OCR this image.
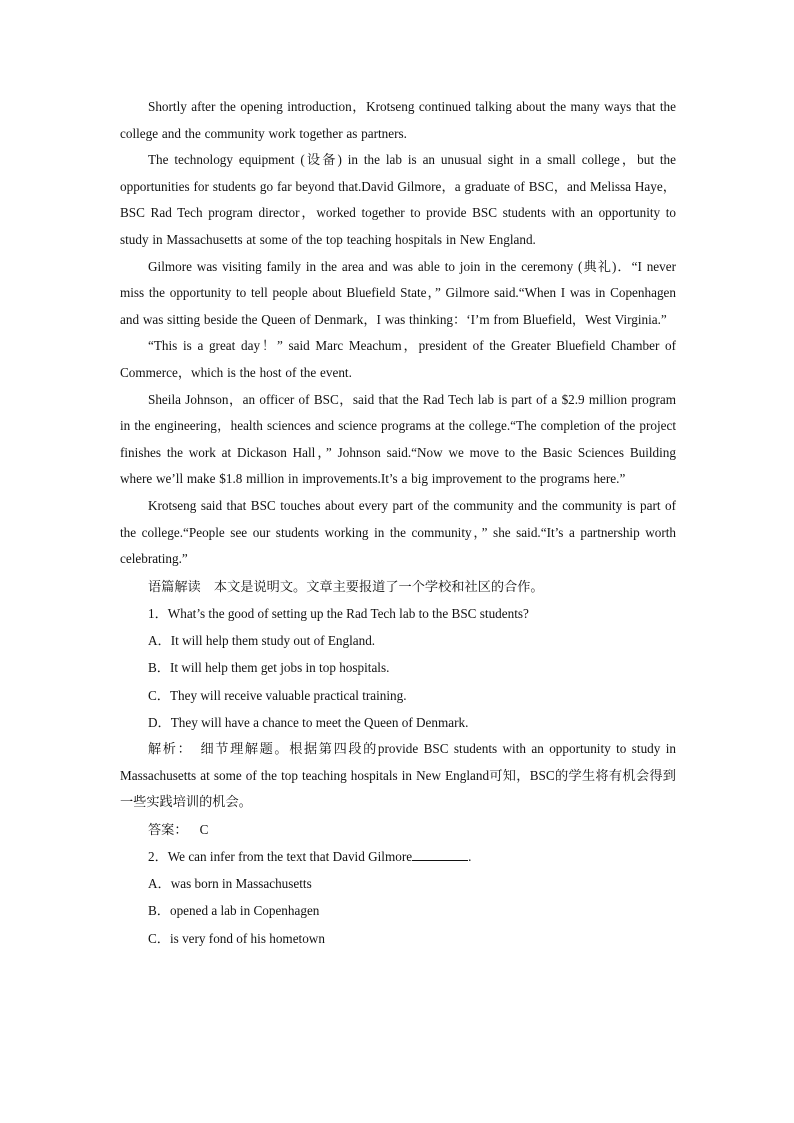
Shortly after the opening introduction，Krotseng continued talking about the many ways that the college and the community work together as partners.

The technology equipment (设备) in the lab is an unusual sight in a small college，but the opportunities for students go far beyond that.David Gilmore，a graduate of BSC，and Melissa Haye，BSC Rad Tech program director，worked together to provide BSC students with an opportunity to study in Massachusetts at some of the top teaching hospitals in New England.

Gilmore was visiting family in the area and was able to join in the ceremony (典礼)．“I never miss the opportunity to tell people about Bluefield State，” Gilmore said.“When I was in Copenhagen and was sitting beside the Queen of Denmark，I was thinking：‘I’m from Bluefield，West Virginia.”

“This is a great day！” said Marc Meachum，president of the Greater Bluefield Chamber of Commerce，which is the host of the event.

Sheila Johnson，an officer of BSC，said that the Rad Tech lab is part of a $2.9 million program in the engineering，health sciences and science programs at the college.“The completion of the project finishes the work at Dickason Hall，” Johnson said.“Now we move to the Basic Sciences Building where we’ll make $1.8 million in improvements.It’s a big improvement to the programs here.”

Krotseng said that BSC touches about every part of the community and the community is part of the college.“People see our students working in the community，” she said.“It’s a partnership worth celebrating.”

语篇解读　本文是说明文。文章主要报道了一个学校和社区的合作。

1．What’s the good of setting up the Rad Tech lab to the BSC students?

A．It will help them study out of England.

B．It will help them get jobs in top hospitals.

C．They will receive valuable practical training.

D．They will have a chance to meet the Queen of Denmark.

解析：　细节理解题。根据第四段的provide BSC students with an opportunity to study in Massachusetts at some of the top teaching hospitals in New England可知，BSC的学生将有机会得到一些实践培训的机会。

答案： C

2．We can infer from the text that David Gilmore	.

A．was born in Massachusetts

B．opened a lab in Copenhagen

C．is very fond of his hometown
